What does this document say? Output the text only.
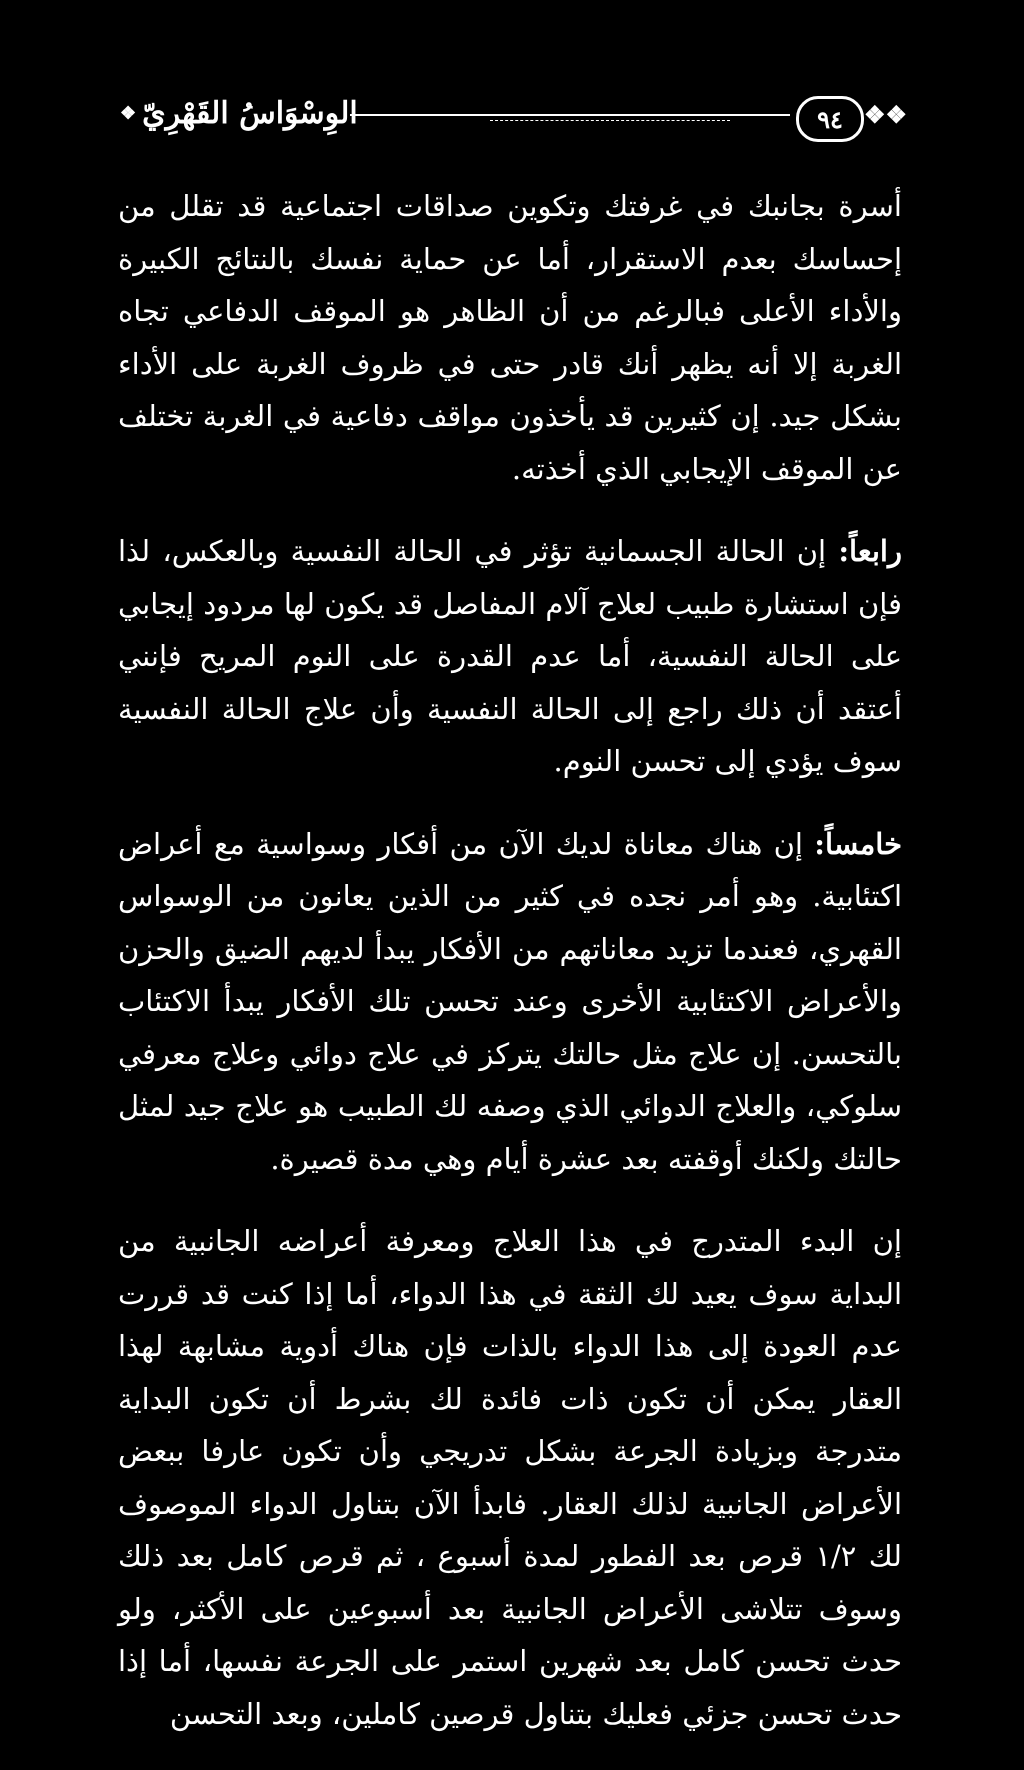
الوِسْوَاسُ القَهْرِيّ
❖	٩٤ ❖❖

أسرة بجانبك في غرفتك وتكوين صداقات اجتماعية قد تقلل من إحساسك بعدم الاستقرار، أما عن حماية نفسك بالنتائج الكبيرة والأداء الأعلى فبالرغم من أن الظاهر هو الموقف الدفاعي تجاه الغربة إلا أنه يظهر أنك قادر حتى في ظروف الغربة على الأداء بشكل جيد. إن كثيرين قد يأخذون مواقف دفاعية في الغربة تختلف عن الموقف الإيجابي الذي أخذته.

رابعاً: إن الحالة الجسمانية تؤثر في الحالة النفسية وبالعكس، لذا فإن استشارة طبيب لعلاج آلام المفاصل قد يكون لها مردود إيجابي على الحالة النفسية، أما عدم القدرة على النوم المريح فإنني أعتقد أن ذلك راجع إلى الحالة النفسية وأن علاج الحالة النفسية سوف يؤدي إلى تحسن النوم.

خامساً: إن هناك معاناة لديك الآن من أفكار وسواسية مع أعراض اكتئابية. وهو أمر نجده في كثير من الذين يعانون من الوسواس القهري، فعندما تزيد معاناتهم من الأفكار يبدأ لديهم الضيق والحزن والأعراض الاكتئابية الأخرى وعند تحسن تلك الأفكار يبدأ الاكتئاب بالتحسن. إن علاج مثل حالتك يتركز في علاج دوائي وعلاج معرفي سلوكي، والعلاج الدوائي الذي وصفه لك الطبيب هو علاج جيد لمثل حالتك ولكنك أوقفته بعد عشرة أيام وهي مدة قصيرة.

إن البدء المتدرج في هذا العلاج ومعرفة أعراضه الجانبية من البداية سوف يعيد لك الثقة في هذا الدواء، أما إذا كنت قد قررت عدم العودة إلى هذا الدواء بالذات فإن هناك أدوية مشابهة لهذا العقار يمكن أن تكون ذات فائدة لك بشرط أن تكون البداية متدرجة وبزيادة الجرعة بشكل تدريجي وأن تكون عارفا ببعض الأعراض الجانبية لذلك العقار. فابدأ الآن بتناول الدواء الموصوف لك ١/٢ قرص بعد الفطور لمدة أسبوع ، ثم قرص كامل بعد ذلك وسوف تتلاشى الأعراض الجانبية بعد أسبوعين على الأكثر، ولو حدث تحسن كامل بعد شهرين استمر على الجرعة نفسها، أما إذا حدث تحسن جزئي فعليك بتناول قرصين كاملين، وبعد التحسن
